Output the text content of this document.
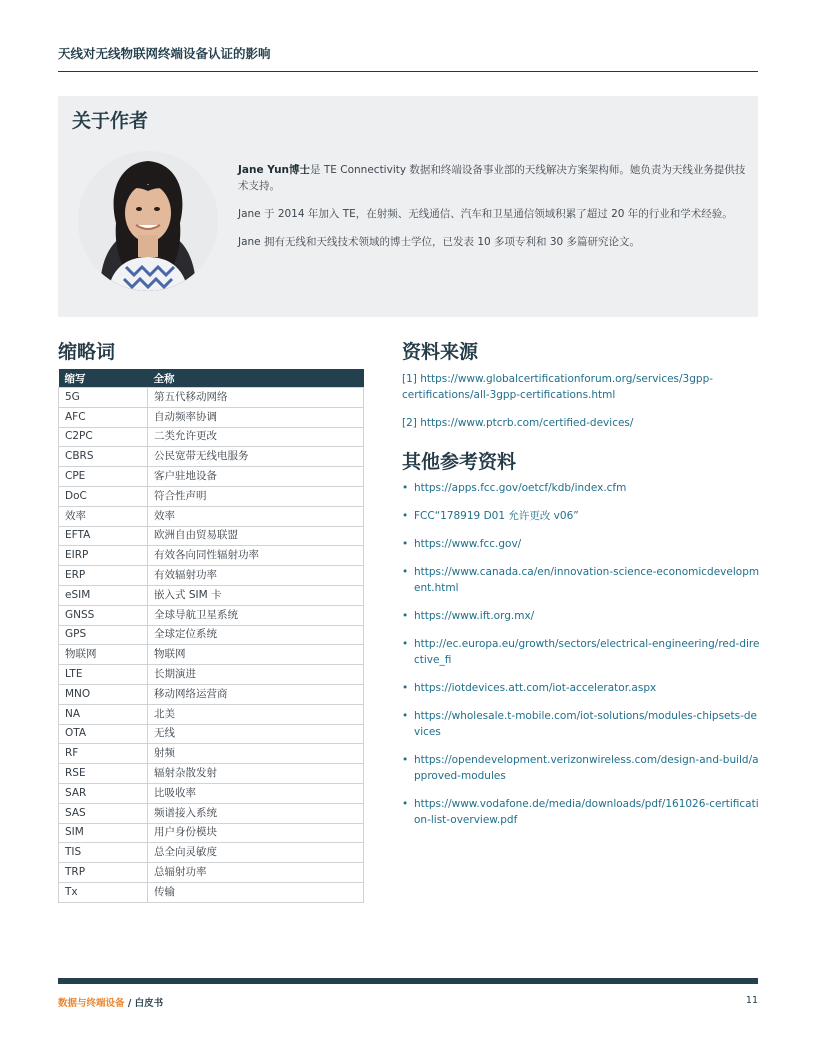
天线对无线物联网终端设备认证的影响
关于作者

Jane Yun博士是 TE Connectivity 数据和终端设备事业部的天线解决方案架构师。她负责为天线业务提供技术支持。

Jane 于 2014 年加入 TE，在射频、无线通信、汽车和卫星通信领域积累了超过 20 年的行业和学术经验。

Jane 拥有无线和天线技术领域的博士学位，已发表 10 多项专利和 30 多篇研究论文。

缩略词
缩写	全称
5G	第五代移动网络
AFC	自动频率协调
C2PC	二类允许更改
CBRS	公民宽带无线电服务
CPE	客户驻地设备
DoC	符合性声明
效率	效率
EFTA	欧洲自由贸易联盟
EIRP	有效各向同性辐射功率
ERP	有效辐射功率
eSIM	嵌入式 SIM 卡
GNSS	全球导航卫星系统
GPS	全球定位系统
物联网	物联网
LTE	长期演进
MNO	移动网络运营商
NA	北美
OTA	无线
RF	射频
RSE	辐射杂散发射
SAR	比吸收率
SAS	频谱接入系统
SIM	用户身份模块
TIS	总全向灵敏度
TRP	总辐射功率
Tx	传输
资料来源
[1] https://www.globalcertificationforum.org/services/3gpp-certifications/all-3gpp-certifications.html
[2] https://www.ptcrb.com/certified-devices/
其他参考资料
• https://apps.fcc.gov/oetcf/kdb/index.cfm
• FCC“178919 D01 允许更改 v06”
• https://www.fcc.gov/
• https://www.canada.ca/en/innovation-science-economicdevelopment.html
• https://www.ift.org.mx/
• http://ec.europa.eu/growth/sectors/electrical-engineering/red-directive_fi
• https://iotdevices.att.com/iot-accelerator.aspx
• https://wholesale.t-mobile.com/iot-solutions/modules-chipsets-devices
• https://opendevelopment.verizonwireless.com/design-and-build/approved-modules
• https://www.vodafone.de/media/downloads/pdf/161026-certification-list-overview.pdf
数据与终端设备 / 白皮书	11
